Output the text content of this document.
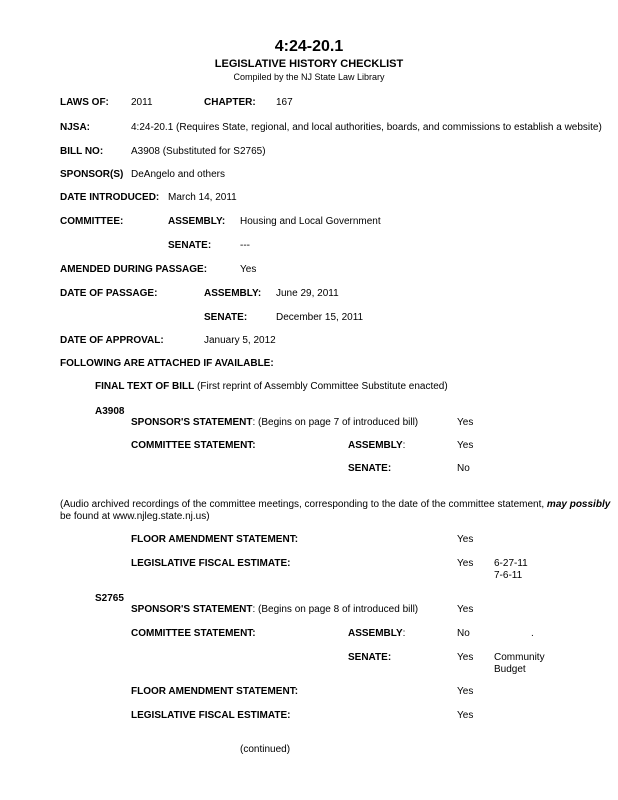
4:24-20.1
LEGISLATIVE HISTORY CHECKLIST
Compiled by the NJ State Law Library
LAWS OF: 2011	CHAPTER: 167
NJSA:	4:24-20.1 (Requires State, regional, and local authorities, boards, and commissions to establish a website)
BILL NO:	A3908 (Substituted for S2765)
SPONSOR(S) DeAngelo and others
DATE INTRODUCED: March 14, 2011
COMMITTEE:	ASSEMBLY: Housing and Local Government
SENATE:	---
AMENDED DURING PASSAGE:	Yes
DATE OF PASSAGE:	ASSEMBLY: June 29, 2011
SENATE:	December 15, 2011
DATE OF APPROVAL:	January 5, 2012
FOLLOWING ARE ATTACHED IF AVAILABLE:
FINAL TEXT OF BILL (First reprint of Assembly Committee Substitute enacted)
A3908
SPONSOR'S STATEMENT: (Begins on page 7 of introduced bill)	Yes
COMMITTEE STATEMENT:	ASSEMBLY:	Yes
SENATE:	No
(Audio archived recordings of the committee meetings, corresponding to the date of the committee statement, may possibly
be found at www.njleg.state.nj.us)
FLOOR AMENDMENT STATEMENT:	Yes
LEGISLATIVE FISCAL ESTIMATE:	Yes 6-27-11
7-6-11
S2765
SPONSOR'S STATEMENT: (Begins on page 8 of introduced bill)	Yes
COMMITTEE STATEMENT:	ASSEMBLY:	No	.
SENATE:	Yes Community
Budget
FLOOR AMENDMENT STATEMENT:	Yes
LEGISLATIVE FISCAL ESTIMATE:	Yes
(continued)
